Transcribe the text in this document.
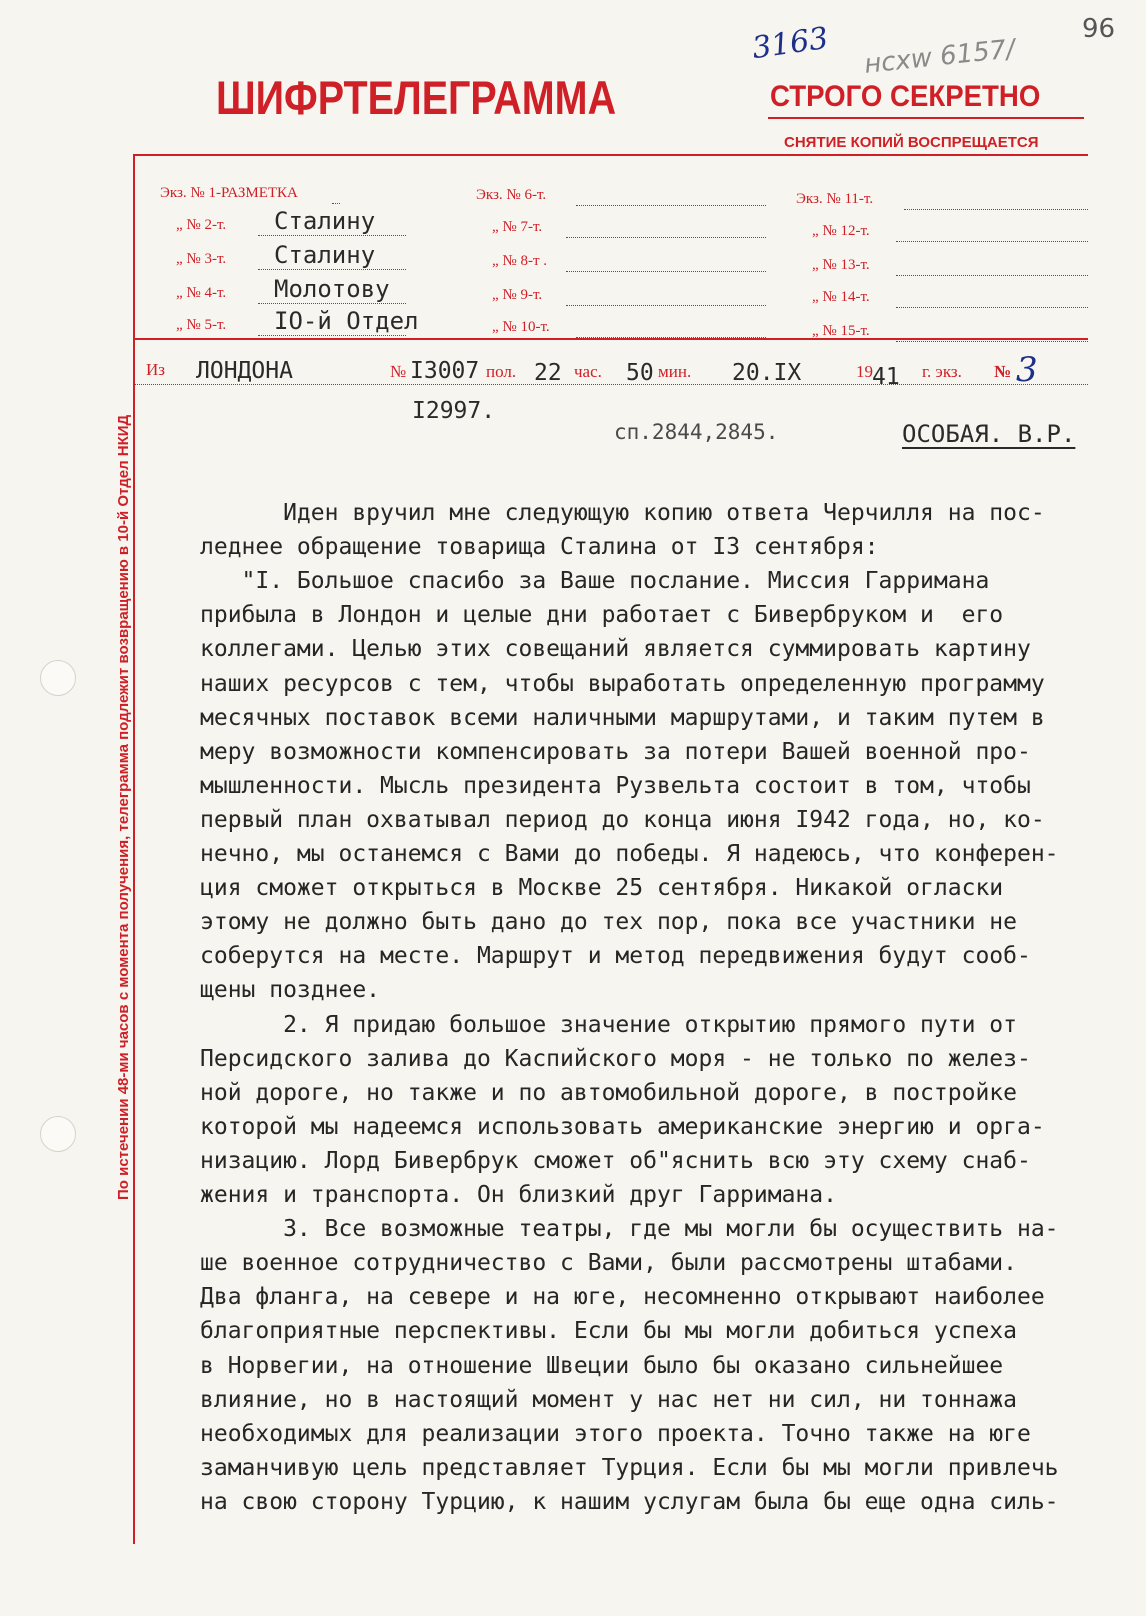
3163 нсхw 6157/
96
ШИФРТЕЛЕГРАММА	СТРОГО СЕКРЕТНО
СНЯТИЕ КОПИЙ ВОСПРЕЩАЕТСЯ
По истечении 48-ми часов с момента получения, телеграмма подлежит возвращению в 10-й Отдел НКИД
Экз. № 1-РАЗМЕТКА
„ № 2-т. Сталину
„ № 3-т. Сталину
„ № 4-т. Молотову
„ № 5-т. IO-й Отдел
Экз. № 6-т.
„ № 7-т.
„ № 8-т .
„ № 9-т.
„ № 10-т.
Экз. № 11-т.
„ № 12-т.
„ № 13-т.
„ № 14-т.
„ № 15-т.
Из ЛОНДОНА	№ I3007 пол. 22 час. 50 мин. 20.IX	19 41 г. экз. № 3
I2997.
сп.2844,2845.	ОСОБАЯ. В.Р.
Иден вручил мне следующую копию ответа Черчилля на пос-
леднее обращение товарища Сталина от I3 сентября:
"I. Большое спасибо за Ваше послание. Миссия Гарримана
прибыла в Лондон и целые дни работает с Бивербруком и  его
коллегами. Целью этих совещаний является суммировать картину
наших ресурсов с тем, чтобы выработать определенную программу
месячных поставок всеми наличными маршрутами, и таким путем в
меру возможности компенсировать за потери Вашей военной про-
мышленности. Мысль президента Рузвельта состоит в том, чтобы
первый план охватывал период до конца июня I942 года, но, ко-
нечно, мы останемся с Вами до победы. Я надеюсь, что конферен-
ция сможет открыться в Москве 25 сентября. Никакой огласки
этому не должно быть дано до тех пор, пока все участники не
соберутся на месте. Маршрут и метод передвижения будут сооб-
щены позднее.
2. Я придаю большое значение открытию прямого пути от
Персидского залива до Каспийского моря - не только по желез-
ной дороге, но также и по автомобильной дороге, в постройке
которой мы надеемся использовать американские энергию и орга-
низацию. Лорд Бивербрук сможет об"яснить всю эту схему снаб-
жения и транспорта. Он близкий друг Гарримана.
3. Все возможные театры, где мы могли бы осуществить на-
ше военное сотрудничество с Вами, были рассмотрены штабами.
Два фланга, на севере и на юге, несомненно открывают наиболее
благоприятные перспективы. Если бы мы могли добиться успеха
в Норвегии, на отношение Швеции было бы оказано сильнейшее
влияние, но в настоящий момент у нас нет ни сил, ни тоннажа
необходимых для реализации этого проекта. Точно также на юге
заманчивую цель представляет Турция. Если бы мы могли привлечь
на свою сторону Турцию, к нашим услугам была бы еще одна силь-
